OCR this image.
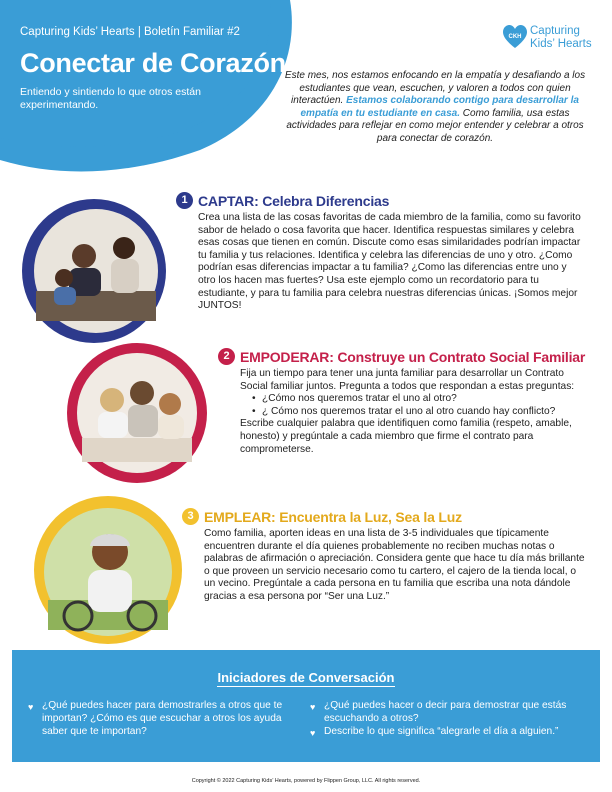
Capturing Kids’ Hearts | Boletín Familiar #2
Conectar de Corazón
Entiendo y sintiendo lo que otros están experimentando.
CKH Capturing
Kids’ Hearts
Este mes, nos estamos enfocando en la empatía y desafiando a los estudiantes que vean, escuchen, y valoren a todos con quien interactúen. Estamos colaborando contigo para desarrollar la empatía en tu estudiante en casa. Como familia, usa estas actividades para reflejar en como mejor entender y celebrar a otros para conectar de corazón.
1 CAPTAR: Celebra Diferencias
Crea una lista de las cosas favoritas de cada miembro de la familia, como su favorito sabor de helado o cosa favorita que hacer. Identifica respuestas similares y celebra esas cosas que tienen en común. Discute como esas similaridades podrían impactar tu familia y tus relaciones. Identifica y celebra las diferencias de uno y otro. ¿Como podrían esas diferencias impactar a tu familia? ¿Como las diferencias entre uno y otro los hacen mas fuertes? Usa este ejemplo como un recordatorio para tu estudiante, y para tu familia para celebra nuestras diferencias únicas. ¡Somos mejor JUNTOS!
2 EMPODERAR: Construye un Contrato Social Familiar
Fija un tiempo para tener una junta familiar para desarrollar un Contrato Social familiar juntos. Pregunta a todos que respondan a estas preguntas:
• ¿Cómo nos queremos tratar el uno al otro?
• ¿ Cómo nos queremos tratar el uno al otro cuando hay conflicto?
Escribe cualquier palabra que identifiquen como familia (respeto, amable, honesto) y pregúntale a cada miembro que firme el contrato para comprometerse.
3 EMPLEAR: Encuentra la Luz, Sea la Luz
Como familia, aporten ideas en una lista de 3-5 individuales que típicamente encuentren durante el día quienes probablemente no reciben muchas notas o palabras de afirmación o apreciación. Considera gente que hace tu día más brillante o que proveen un servicio necesario como tu cartero, el cajero de la tienda local, o un vecino. Pregúntale a cada persona en tu familia que escriba una nota dándole gracias a esa persona por “Ser una Luz.”
Iniciadores de Conversación
♥ ¿Qué puedes hacer para demostrarles a otros que te importan? ¿Cómo es que escuchar a otros los ayuda saber que te importan?
♥ ¿Qué puedes hacer o decir para demostrar que estás escuchando a otros?
♥ Describe lo que significa “alegrarle el día a alguien.”
Copyright © 2022 Capturing Kids’ Hearts, powered by Flippen Group, LLC. All rights reserved.
